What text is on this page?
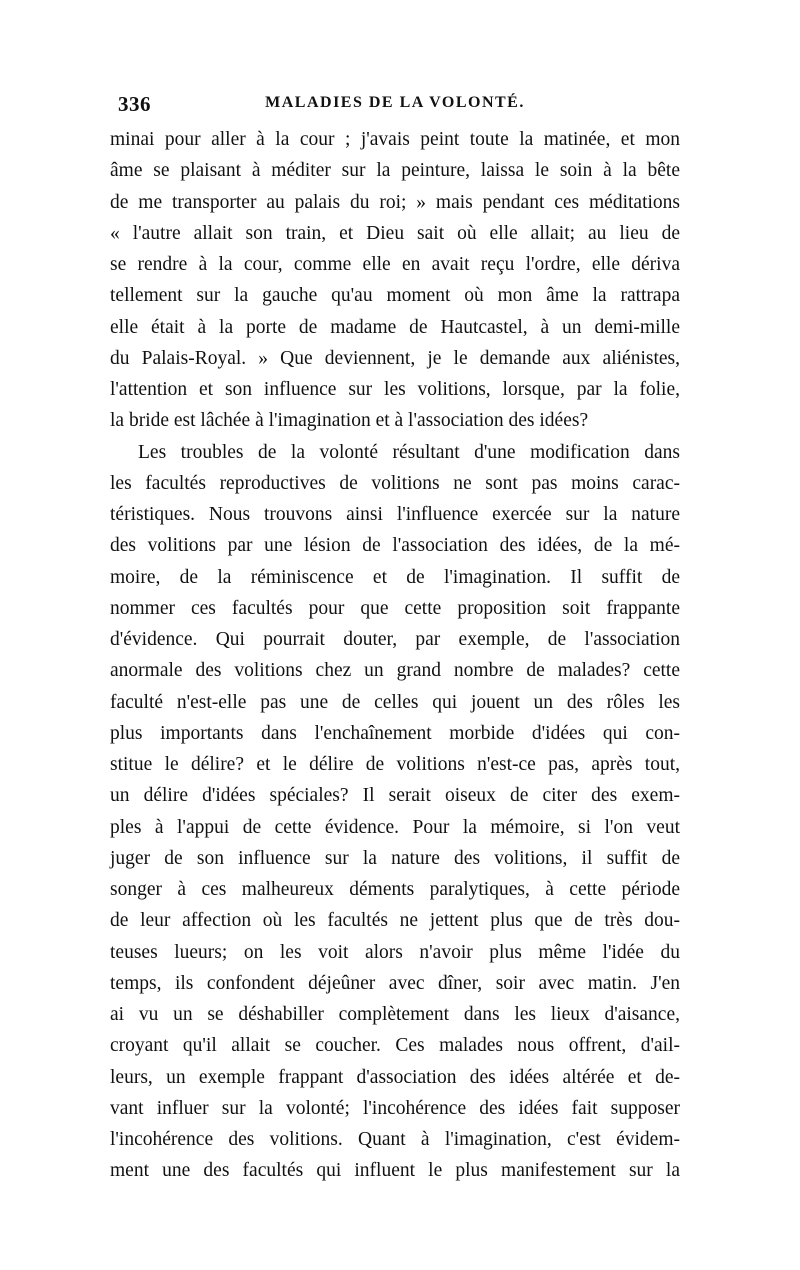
336	MALADIES DE LA VOLONTÉ.
minai pour aller à la cour ; j'avais peint toute la matinée, et mon
âme se plaisant à méditer sur la peinture, laissa le soin à la bête
de me transporter au palais du roi; » mais pendant ces méditations
« l'autre allait son train, et Dieu sait où elle allait; au lieu de
se rendre à la cour, comme elle en avait reçu l'ordre, elle dériva
tellement sur la gauche qu'au moment où mon âme la rattrapa
elle était à la porte de madame de Hautcastel, à un demi-mille
du Palais-Royal. » Que deviennent, je le demande aux aliénistes,
l'attention et son influence sur les volitions, lorsque, par la folie,
la bride est lâchée à l'imagination et à l'association des idées?
Les troubles de la volonté résultant d'une modification dans
les facultés reproductives de volitions ne sont pas moins carac-
téristiques. Nous trouvons ainsi l'influence exercée sur la nature
des volitions par une lésion de l'association des idées, de la mé-
moire, de la réminiscence et de l'imagination. Il suffit de
nommer ces facultés pour que cette proposition soit frappante
d'évidence. Qui pourrait douter, par exemple, de l'association
anormale des volitions chez un grand nombre de malades? cette
faculté n'est-elle pas une de celles qui jouent un des rôles les
plus importants dans l'enchaînement morbide d'idées qui con-
stitue le délire? et le délire de volitions n'est-ce pas, après tout,
un délire d'idées spéciales? Il serait oiseux de citer des exem-
ples à l'appui de cette évidence. Pour la mémoire, si l'on veut
juger de son influence sur la nature des volitions, il suffit de
songer à ces malheureux déments paralytiques, à cette période
de leur affection où les facultés ne jettent plus que de très dou-
teuses lueurs; on les voit alors n'avoir plus même l'idée du
temps, ils confondent déjeûner avec dîner, soir avec matin. J'en
ai vu un se déshabiller complètement dans les lieux d'aisance,
croyant qu'il allait se coucher. Ces malades nous offrent, d'ail-
leurs, un exemple frappant d'association des idées altérée et de-
vant influer sur la volonté; l'incohérence des idées fait supposer
l'incohérence des volitions. Quant à l'imagination, c'est évidem-
ment une des facultés qui influent le plus manifestement sur la
